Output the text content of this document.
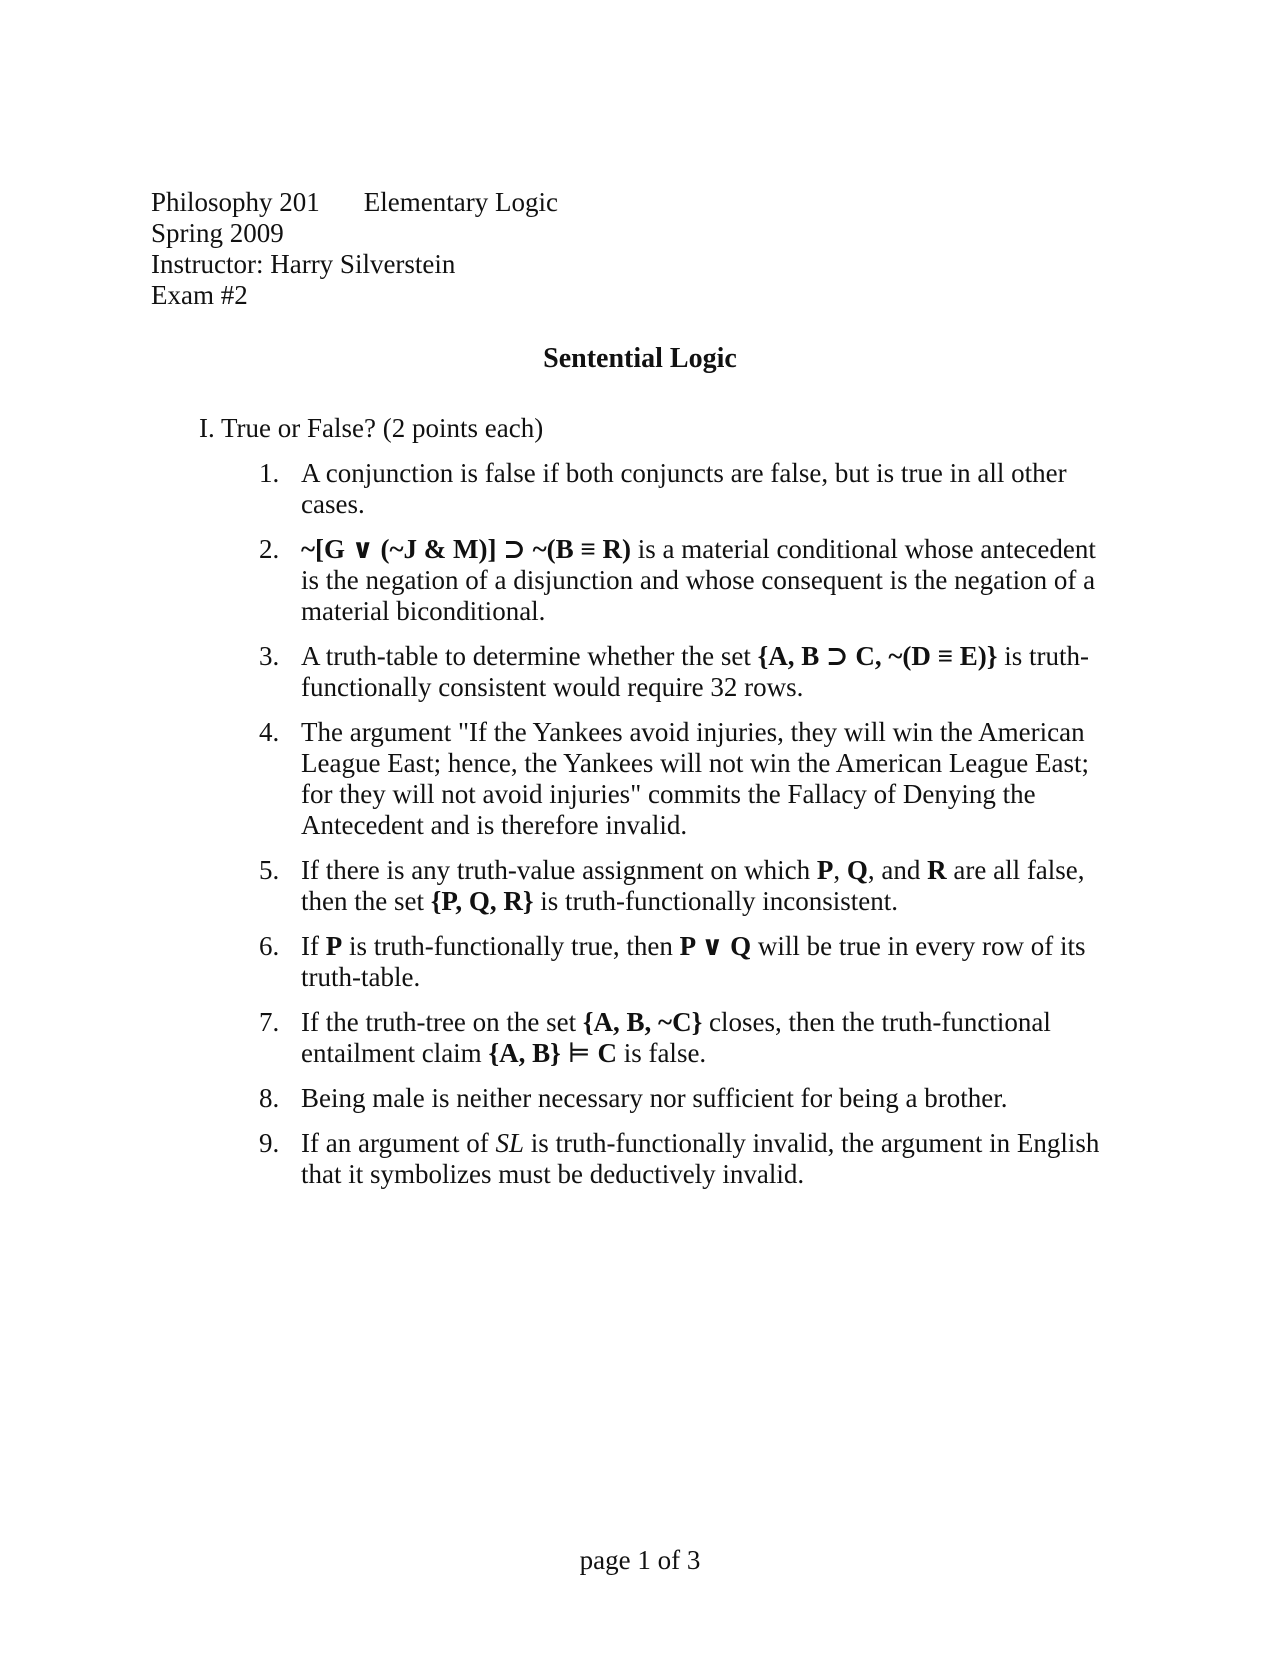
Philosophy 201 Elementary Logic
Spring 2009
Instructor: Harry Silverstein
Exam #2
Sentential Logic
I. True or False? (2 points each)
1. A conjunction is false if both conjuncts are false, but is true in all other cases.
2. ~[G ∨ (~J & M)] ⊃ ~(B ≡ R) is a material conditional whose antecedent is the negation of a disjunction and whose consequent is the negation of a material biconditional.
3. A truth-table to determine whether the set {A, B ⊃ C, ~(D ≡ E)} is truth-functionally consistent would require 32 rows.
4. The argument "If the Yankees avoid injuries, they will win the American League East; hence, the Yankees will not win the American League East; for they will not avoid injuries" commits the Fallacy of Denying the Antecedent and is therefore invalid.
5. If there is any truth-value assignment on which P, Q, and R are all false, then the set {P, Q, R} is truth-functionally inconsistent.
6. If P is truth-functionally true, then P ∨ Q will be true in every row of its truth-table.
7. If the truth-tree on the set {A, B, ~C} closes, then the truth-functional entailment claim {A, B} ⊨ C is false.
8. Being male is neither necessary nor sufficient for being a brother.
9. If an argument of SL is truth-functionally invalid, the argument in English that it symbolizes must be deductively invalid.
page 1 of 3
